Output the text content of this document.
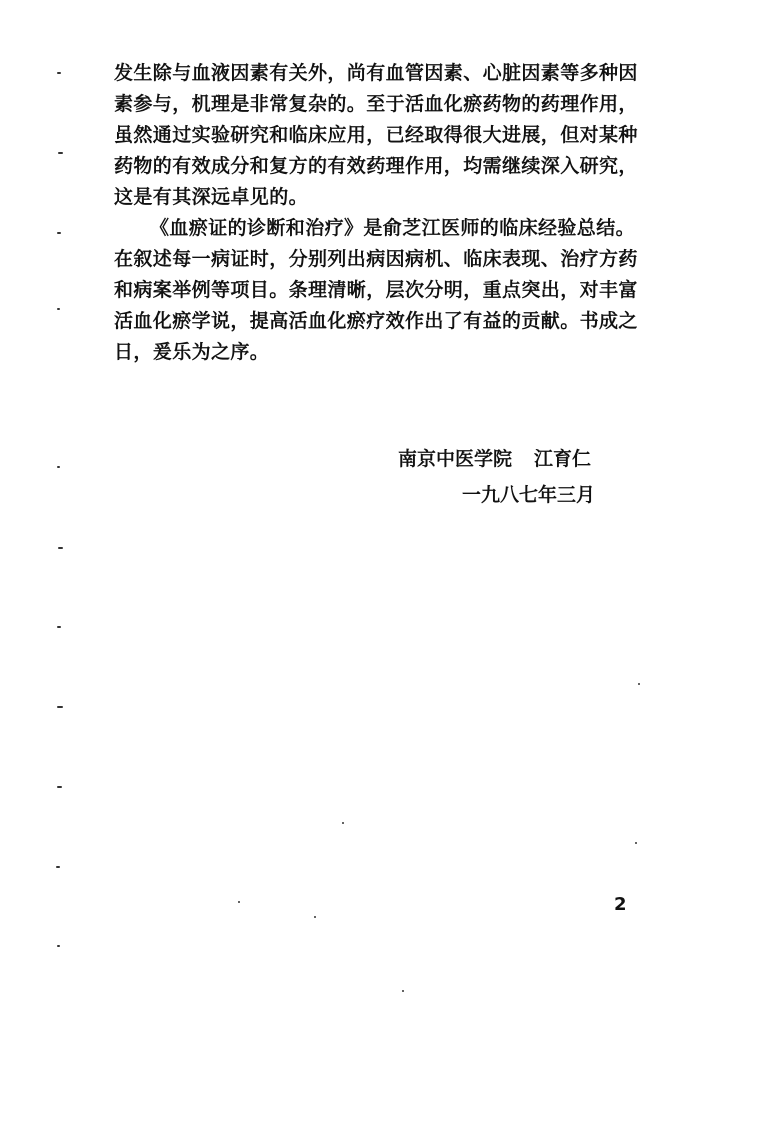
发生除与血液因素有关外，尚有血管因素、心脏因素等多种因
素参与，机理是非常复杂的。至于活血化瘀药物的药理作用，
虽然通过实验研究和临床应用，已经取得很大进展，但对某种
药物的有效成分和复方的有效药理作用，均需继续深入研究，
这是有其深远卓见的。
《血瘀证的诊断和治疗》是俞芝江医师的临床经验总结。
在叙述每一病证时，分别列出病因病机、临床表现、治疗方药
和病案举例等项目。条理清晰，层次分明，重点突出，对丰富
活血化瘀学说，提高活血化瘀疗效作出了有益的贡献。书成之
日，爰乐为之序。
南京中医学院 江育仁
一九八七年三月
2
